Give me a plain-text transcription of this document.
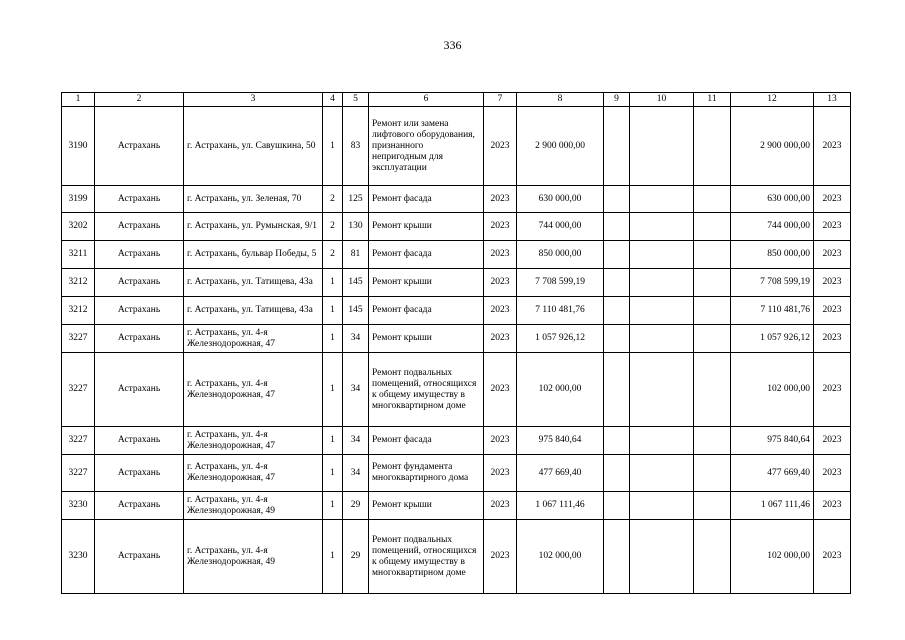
336
1	2	3	4	5	6	7	8	9	10	11	12	13
3190	Астрахань	г. Астрахань, ул. Савушкина, 50	1	83	Ремонт или замена лифтового оборудования, признанного непригодным для эксплуатации	2023	2 900 000,00				2 900 000,00	2023
3199	Астрахань	г. Астрахань, ул. Зеленая, 70	2	125	Ремонт фасада	2023	630 000,00				630 000,00	2023
3202	Астрахань	г. Астрахань, ул. Румынская, 9/1	2	130	Ремонт крыши	2023	744 000,00				744 000,00	2023
3211	Астрахань	г. Астрахань, бульвар Победы, 5	2	81	Ремонт фасада	2023	850 000,00				850 000,00	2023
3212	Астрахань	г. Астрахань, ул. Татищева, 43а	1	145	Ремонт крыши	2023	7 708 599,19				7 708 599,19	2023
3212	Астрахань	г. Астрахань, ул. Татищева, 43а	1	145	Ремонт фасада	2023	7 110 481,76				7 110 481,76	2023
3227	Астрахань	г. Астрахань, ул. 4-я Железнодорожная, 47	1	34	Ремонт крыши	2023	1 057 926,12				1 057 926,12	2023
3227	Астрахань	г. Астрахань, ул. 4-я Железнодорожная, 47	1	34	Ремонт подвальных помещений, относящихся к общему имуществу в многоквартирном доме	2023	102 000,00				102 000,00	2023
3227	Астрахань	г. Астрахань, ул. 4-я Железнодорожная, 47	1	34	Ремонт фасада	2023	975 840,64				975 840,64	2023
3227	Астрахань	г. Астрахань, ул. 4-я Железнодорожная, 47	1	34	Ремонт фундамента многоквартирного дома	2023	477 669,40				477 669,40	2023
3230	Астрахань	г. Астрахань, ул. 4-я Железнодорожная, 49	1	29	Ремонт крыши	2023	1 067 111,46				1 067 111,46	2023
3230	Астрахань	г. Астрахань, ул. 4-я Железнодорожная, 49	1	29	Ремонт подвальных помещений, относящихся к общему имуществу в многоквартирном доме	2023	102 000,00				102 000,00	2023
